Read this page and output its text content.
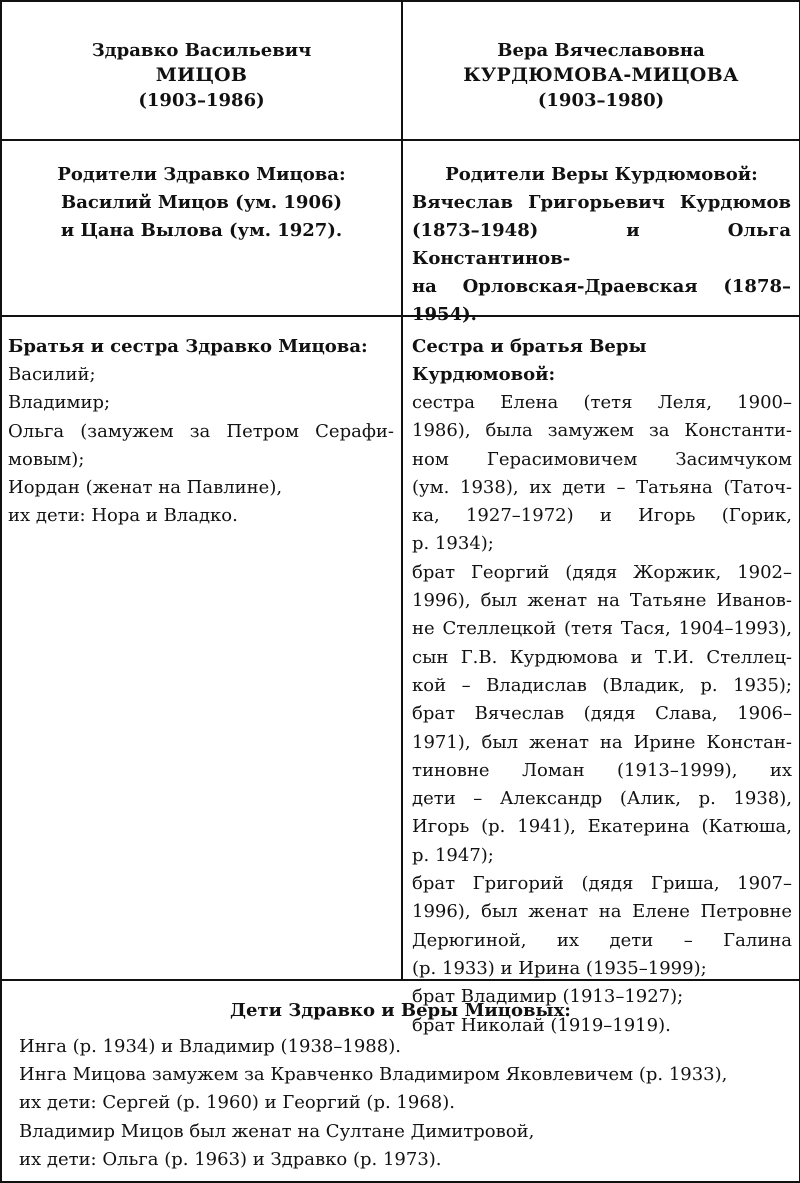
Здравко Васильевич
МИЦОВ
(1903–1986)
Вера Вячеславовна
КУРДЮМОВА-МИЦОВА
(1903–1980)
Родители Здравко Мицова:
Василий Мицов (ум. 1906)
и Цана Вылова (ум. 1927).
Родители Веры Курдюмовой:
Вячеслав Григорьевич Курдюмов
(1873–1948) и Ольга Константинов-
на Орловская-Драевская (1878–
1954).
Братья и сестра Здравко Мицова:
Василий;
Владимир;
Ольга (замужем за Петром Серафи-
мовым);
Иордан (женат на Павлине),
их дети: Нора и Владко.
Сестра и братья Веры Курдюмовой:
сестра Елена (тетя Леля, 1900–
1986), была замужем за Константи-
ном Герасимовичем Засимчуком
(ум. 1938), их дети – Татьяна (Таточ-
ка, 1927–1972) и Игорь (Горик,
р. 1934);
брат Георгий (дядя Жоржик, 1902–
1996), был женат на Татьяне Иванов-
не Стеллецкой (тетя Тася, 1904–1993),
сын Г.В. Курдюмова и Т.И. Стеллец-
кой – Владислав (Владик, р. 1935);
брат Вячеслав (дядя Слава, 1906–
1971), был женат на Ирине Констан-
тиновне Ломан (1913–1999), их
дети – Александр (Алик, р. 1938),
Игорь (р. 1941), Екатерина (Катюша,
р. 1947);
брат Григорий (дядя Гриша, 1907–
1996), был женат на Елене Петровне
Дерюгиной, их дети – Галина
(р. 1933) и Ирина (1935–1999);
брат Владимир (1913–1927);
брат Николай (1919–1919).
Дети Здравко и Веры Мицовых:
Инга (р. 1934) и Владимир (1938–1988).
Инга Мицова замужем за Кравченко Владимиром Яковлевичем (р. 1933),
их дети: Сергей (р. 1960) и Георгий (р. 1968).
Владимир Мицов был женат на Султане Димитровой,
их дети: Ольга (р. 1963) и Здравко (р. 1973).
